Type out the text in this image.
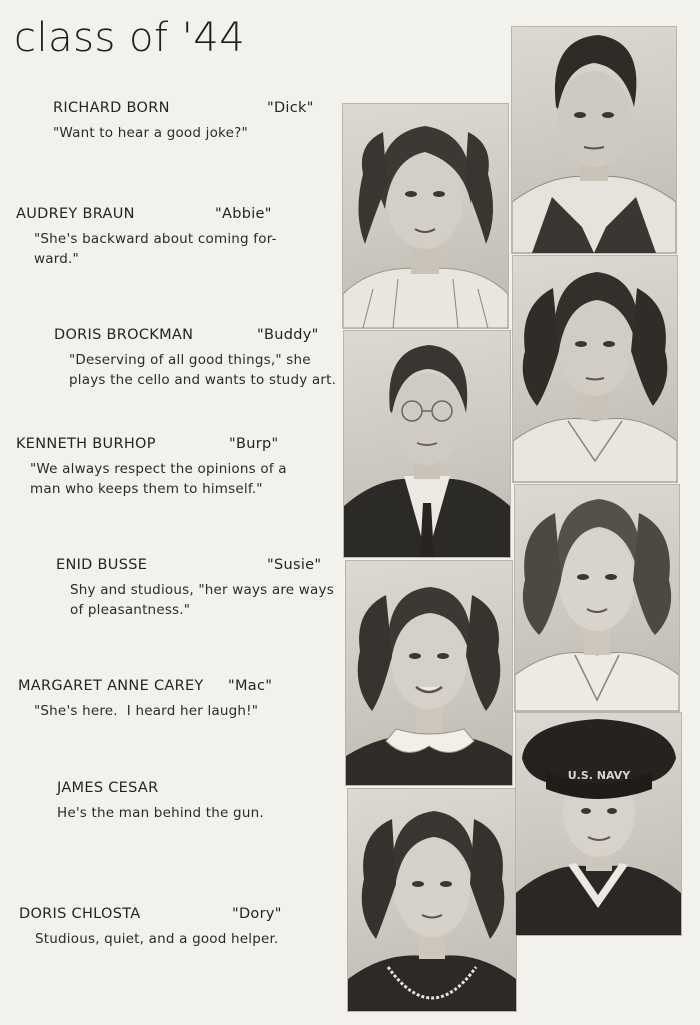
class of '44
RICHARD BORN	"Dick"
"Want to hear a good joke?"
AUDREY BRAUN	"Abbie"
"She's backward about coming for-
ward."
DORIS BROCKMAN	"Buddy"
"Deserving of all good things," she
plays the cello and wants to study art.
KENNETH BURHOP	"Burp"
"We always respect the opinions of a
man who keeps them to himself."
ENID BUSSE	"Susie"
Shy and studious, "her ways are ways
of pleasantness."
MARGARET ANNE CAREY "Mac"
"She's here.  I heard her laugh!"
JAMES CESAR
He's the man behind the gun.
DORIS CHLOSTA	"Dory"
Studious, quiet, and a good helper.
U.S. NAVY
